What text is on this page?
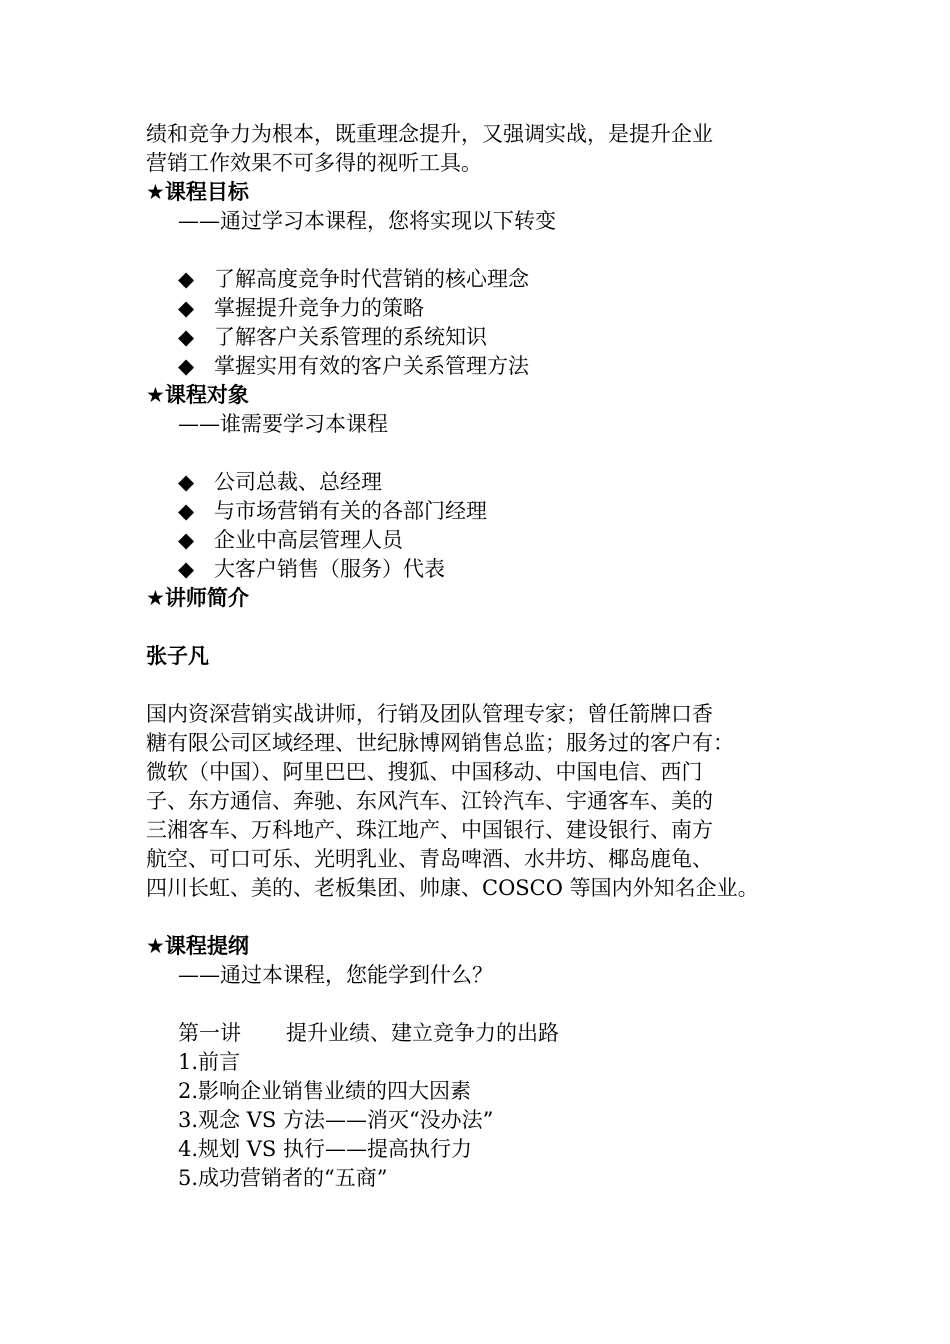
绩和竞争力为根本，既重理念提升，又强调实战，是提升企业

营销工作效果不可多得的视听工具。

★课程目标

——通过学习本课程，您将实现以下转变

◆ 了解高度竞争时代营销的核心理念
◆ 掌握提升竞争力的策略
◆ 了解客户关系管理的系统知识
◆ 掌握实用有效的客户关系管理方法

★课程对象

——谁需要学习本课程

◆ 公司总裁、总经理
◆ 与市场营销有关的各部门经理
◆ 企业中高层管理人员
◆ 大客户销售（服务）代表

★讲师简介

张子凡

国内资深营销实战讲师，行销及团队管理专家；曾任箭牌口香

糖有限公司区域经理、世纪脉博网销售总监；服务过的客户有：

微软（中国）、阿里巴巴、搜狐、中国移动、中国电信、西门

子、东方通信、奔驰、东风汽车、江铃汽车、宇通客车、美的

三湘客车、万科地产、珠江地产、中国银行、建设银行、南方

航空、可口可乐、光明乳业、青岛啤酒、水井坊、椰岛鹿龟、

四川长虹、美的、老板集团、帅康、COSCO 等国内外知名企业。

★课程提纲

——通过本课程，您能学到什么？

第一讲 提升业绩、建立竞争力的出路

1.前言

2.影响企业销售业绩的四大因素

3.观念 VS 方法——消灭“没办法”

4.规划 VS 执行——提高执行力

5.成功营销者的“五商”
